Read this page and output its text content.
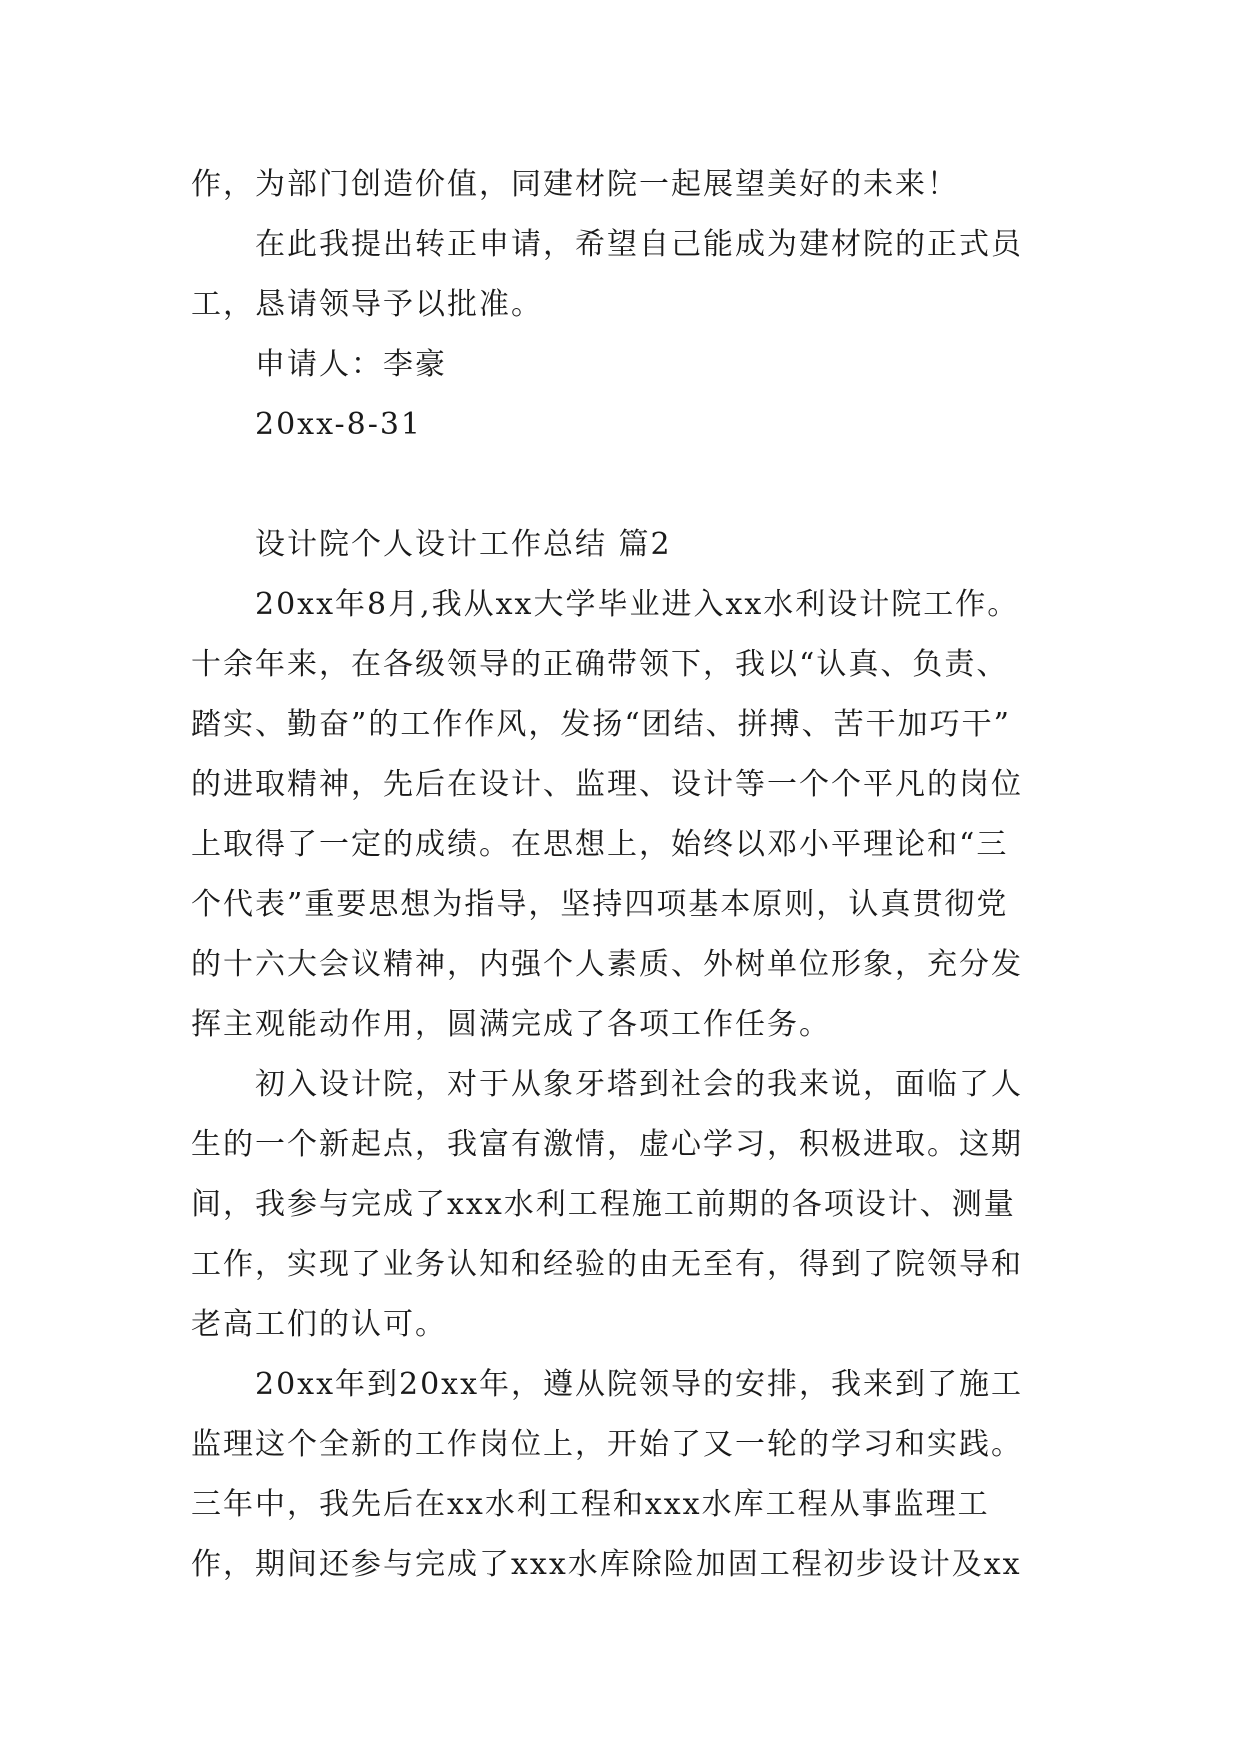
作，为部门创造价值，同建材院一起展望美好的未来！
在此我提出转正申请，希望自己能成为建材院的正式员
工，恳请领导予以批准。
申请人：李豪
20xx-8-31
设计院个人设计工作总结 篇2
20xx年8月,我从xx大学毕业进入xx水利设计院工作。
十余年来，在各级领导的正确带领下，我以“认真、负责、
踏实、勤奋”的工作作风，发扬“团结、拼搏、苦干加巧干”
的进取精神，先后在设计、监理、设计等一个个平凡的岗位
上取得了一定的成绩。在思想上，始终以邓小平理论和“三
个代表”重要思想为指导，坚持四项基本原则，认真贯彻党
的十六大会议精神，内强个人素质、外树单位形象，充分发
挥主观能动作用，圆满完成了各项工作任务。
初入设计院，对于从象牙塔到社会的我来说，面临了人
生的一个新起点，我富有激情，虚心学习，积极进取。这期
间，我参与完成了xxx水利工程施工前期的各项设计、测量
工作，实现了业务认知和经验的由无至有，得到了院领导和
老高工们的认可。
20xx年到20xx年，遵从院领导的安排，我来到了施工
监理这个全新的工作岗位上，开始了又一轮的学习和实践。
三年中，我先后在xx水利工程和xxx水库工程从事监理工
作，期间还参与完成了xxx水库除险加固工程初步设计及xx
